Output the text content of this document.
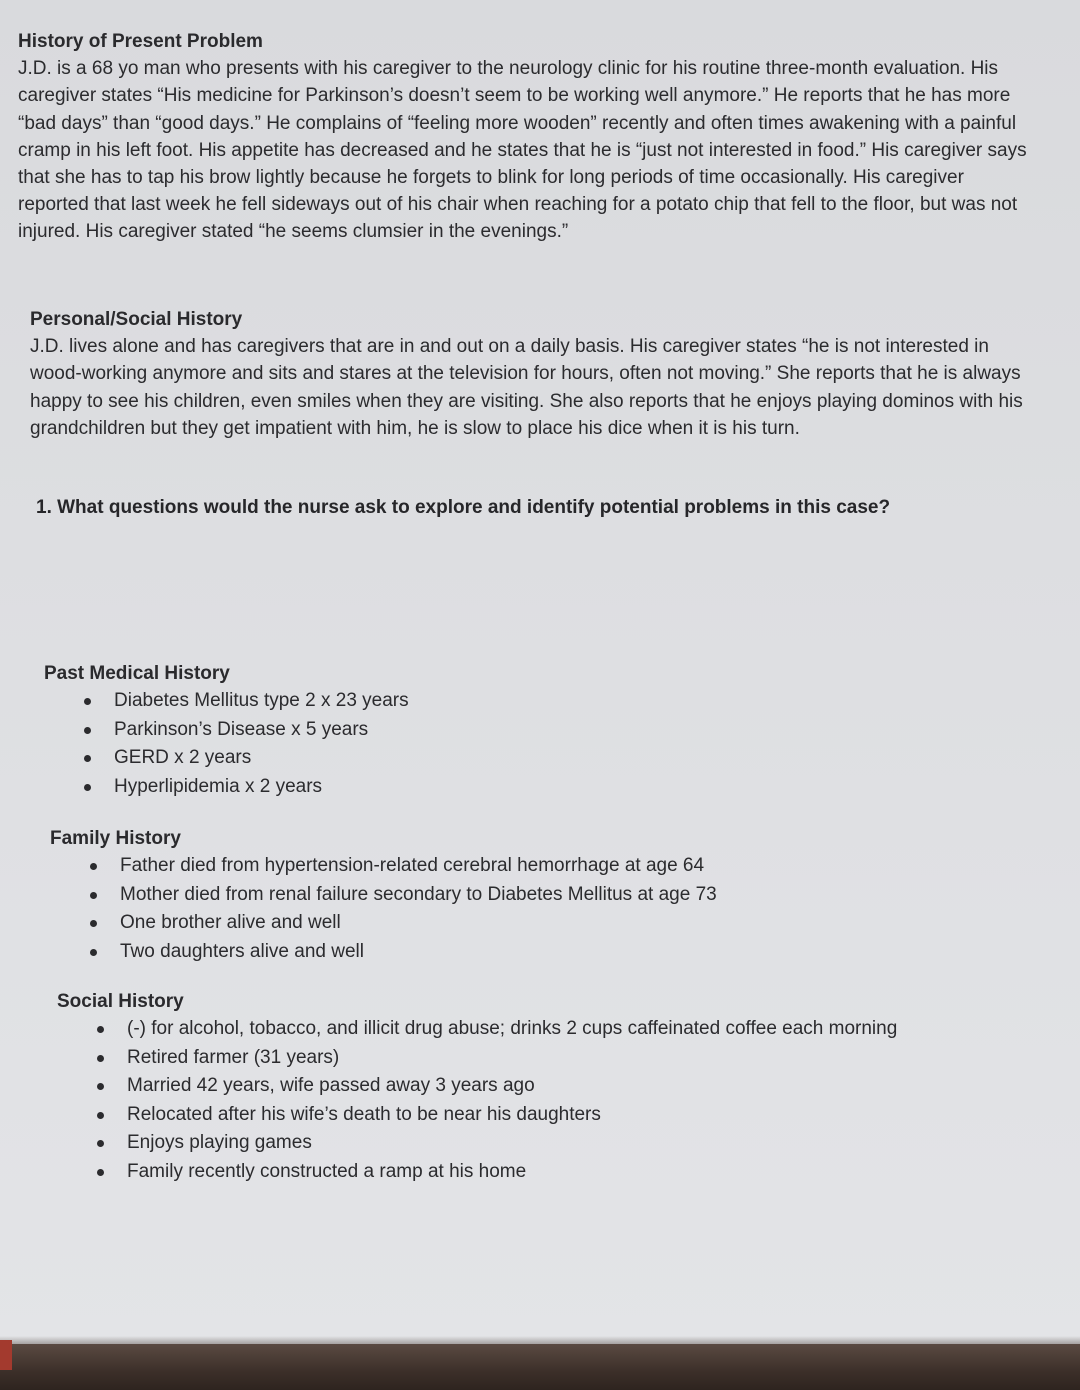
History of Present Problem

J.D. is a 68 yo man who presents with his caregiver to the neurology clinic for his routine three-month evaluation. His caregiver states “His medicine for Parkinson’s doesn’t seem to be working well anymore.” He reports that he has more “bad days” than “good days.” He complains of “feeling more wooden” recently and often times awakening with a painful cramp in his left foot. His appetite has decreased and he states that he is “just not interested in food.” His caregiver says that she has to tap his brow lightly because he forgets to blink for long periods of time occasionally. His caregiver reported that last week he fell sideways out of his chair when reaching for a potato chip that fell to the floor, but was not injured. His caregiver stated “he seems clumsier in the evenings.”

Personal/Social History

J.D. lives alone and has caregivers that are in and out on a daily basis. His caregiver states “he is not interested in wood-working anymore and sits and stares at the television for hours, often not moving.” She reports that he is always happy to see his children, even smiles when they are visiting. She also reports that he enjoys playing dominos with his grandchildren but they get impatient with him, he is slow to place his dice when it is his turn.

1. What questions would the nurse ask to explore and identify potential problems in this case?
Past Medical History
Diabetes Mellitus type 2 x 23 years
Parkinson’s Disease x 5 years
GERD x 2 years
Hyperlipidemia x 2 years
Family History
Father died from hypertension-related cerebral hemorrhage at age 64
Mother died from renal failure secondary to Diabetes Mellitus at age 73
One brother alive and well
Two daughters alive and well
Social History
(-) for alcohol, tobacco, and illicit drug abuse; drinks 2 cups caffeinated coffee each morning
Retired farmer (31 years)
Married 42 years, wife passed away 3 years ago
Relocated after his wife’s death to be near his daughters
Enjoys playing games
Family recently constructed a ramp at his home
